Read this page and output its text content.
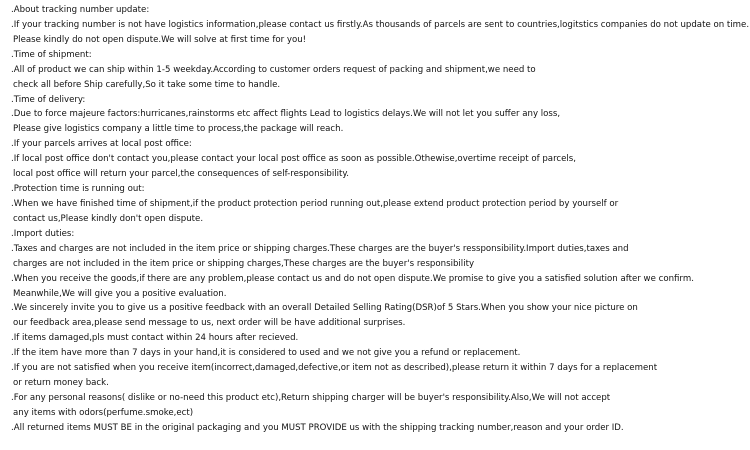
.About tracking number update:
.If your tracking number is not have logistics information,please contact us firstly.As thousands of parcels are sent to countries,logitstics companies do not update on time.
Please kindly do not open dispute.We will solve at first time for you!
.Time of shipment:
.All of product we can ship within 1-5 weekday.According to customer orders request of packing and shipment,we need to
check all before Ship carefully,So it take some time to handle.
.Time of delivery:
.Due to force majeure factors:hurricanes,rainstorms etc affect flights Lead to logistics delays.We will not let you suffer any loss,
Please give logistics company a little time to process,the package will reach.
.If your parcels arrives at local post office:
.If local post office don't contact you,please contact your local post office as soon as possible.Othewise,overtime receipt of parcels,
local post office will return your parcel,the consequences of self-responsibility.
.Protection time is running out:
.When we have finished time of shipment,if the product protection period running out,please extend product protection period by yourself or
contact us,Please kindly don't open dispute.
.Import duties:
.Taxes and charges are not included in the item price or shipping charges.These charges are the buyer's ressponsibility.Import duties,taxes and
charges are not included in the item price or shipping charges,These charges are the buyer's responsibility
.When you receive the goods,if there are any problem,please contact us and do not open dispute.We promise to give you a satisfied solution after we confirm.
Meanwhile,We will give you a positive evaluation.
.We sincerely invite you to give us a positive feedback with an overall Detailed Selling Rating(DSR)of 5 Stars.When you show your nice picture on
our feedback area,please send message to us, next order will be have additional surprises.
.If items damaged,pls must contact within 24 hours after recieved.
.If the item have more than 7 days in your hand,it is considered to used and we not give you a refund or replacement.
.If you are not satisfied when you receive item(incorrect,damaged,defective,or item not as described),please return it within 7 days for a replacement
or return money back.
.For any personal reasons( dislike or no-need this product etc),Return shipping charger will be buyer's responsibility.Also,We will not accept
any items with odors(perfume.smoke,ect)
.All returned items MUST BE in the original packaging and you MUST PROVIDE us with the shipping tracking number,reason and your order ID.
